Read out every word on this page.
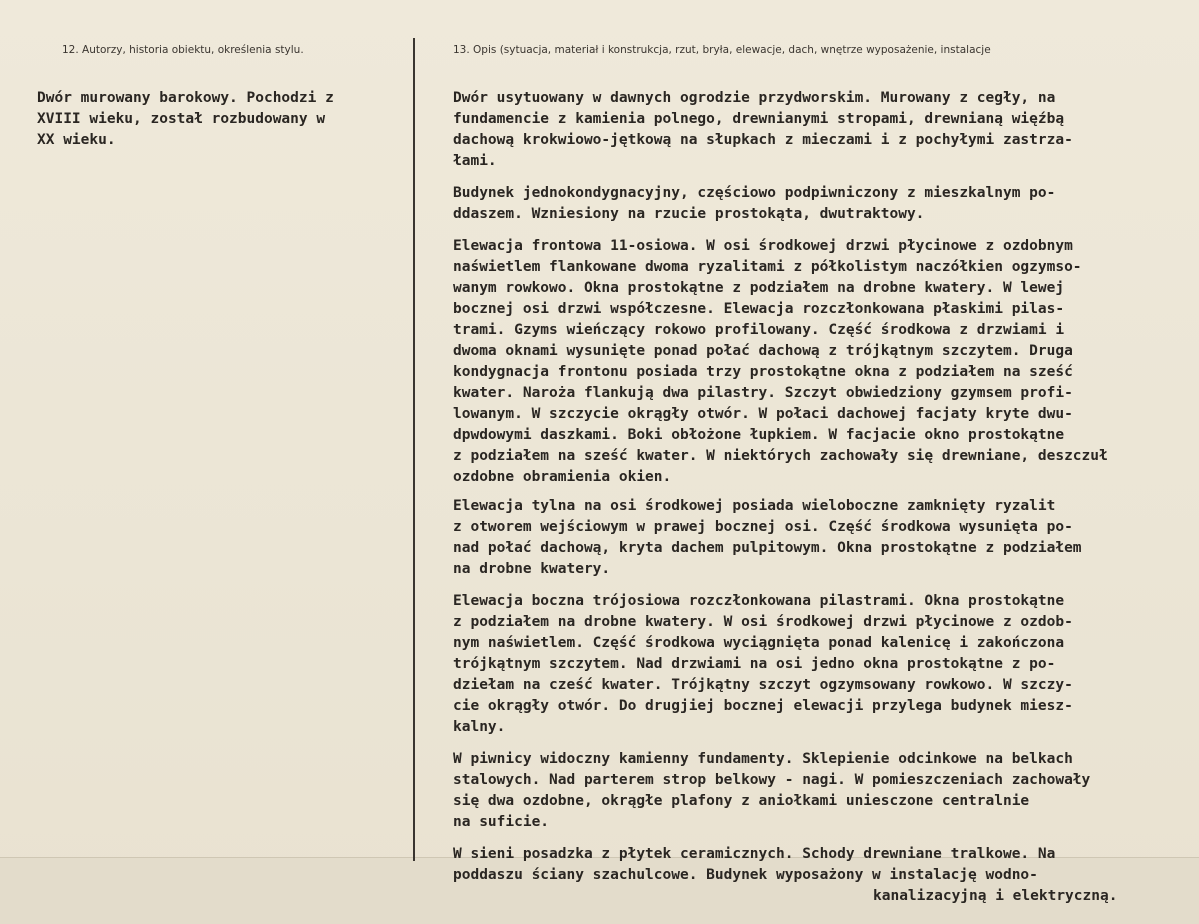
12. Autorzy, historia obiektu, określenia stylu.	13. Opis (sytuacja, materiał i konstrukcja, rzut, bryła, elewacje, dach, wnętrze wyposażenie, instalacje
Dwór murowany barokowy. Pochodzi z
XVIII wieku, został rozbudowany w
XX wieku.
Dwór usytuowany w dawnych ogrodzie przydworskim. Murowany z cegły, na
fundamencie z kamienia polnego, drewnianymi stropami, drewnianą więźbą
dachową krokwiowo-jętkową na słupkach z mieczami i z pochyłymi zastrza-
łami.
Budynek jednokondygnacyjny, częściowo podpiwniczony z mieszkalnym po-
ddaszem. Wzniesiony na rzucie prostokąta, dwutraktowy.
Elewacja frontowa 11-osiowa. W osi środkowej drzwi płycinowe z ozdobnym
naświetlem flankowane dwoma ryzalitami z półkolistym naczółkien ogzymso-
wanym rowkowo. Okna prostokątne z podziałem na drobne kwatery. W lewej
bocznej osi drzwi współczesne. Elewacja rozczłonkowana płaskimi pilas-
trami. Gzyms wieńczący rokowo profilowany. Część środkowa z drzwiami i
dwoma oknami wysunięte ponad połać dachową z trójkątnym szczytem. Druga
kondygnacja frontonu posiada trzy prostokątne okna z podziałem na sześć
kwater. Naroża flankują dwa pilastry. Szczyt obwiedziony gzymsem profi-
lowanym. W szczycie okrągły otwór. W połaci dachowej facjaty kryte dwu-
dpwdowymi daszkami. Boki obłożone łupkiem. W facjacie okno prostokątne
z podziałem na sześć kwater. W niektórych zachowały się drewniane, deszczuł
ozdobne obramienia okien.
Elewacja tylna na osi środkowej posiada wieloboczne zamknięty ryzalit
z otworem wejściowym w prawej bocznej osi. Część środkowa wysunięta po-
nad połać dachową, kryta dachem pulpitowym. Okna prostokątne z podziałem
na drobne kwatery.
Elewacja boczna trójosiowa rozczłonkowana pilastrami. Okna prostokątne
z podziałem na drobne kwatery. W osi środkowej drzwi płycinowe z ozdob-
nym naświetlem. Część środkowa wyciągnięta ponad kalenicę i zakończona
trójkątnym szczytem. Nad drzwiami na osi jedno okna prostokątne z po-
dziełam na cześć kwater. Trójkątny szczyt ogzymsowany rowkowo. W szczy-
cie okrągły otwór. Do drugjiej bocznej elewacji przylega budynek miesz-
kalny.
W piwnicy widoczny kamienny fundamenty. Sklepienie odcinkowe na belkach
stalowych. Nad parterem strop belkowy - nagi. W pomieszczeniach zachowały
się dwa ozdobne, okrągłe plafony z aniołkami uniesczone centralnie
na suficie.
W sieni posadzka z płytek ceramicznych. Schody drewniane tralkowe. Na
poddaszu ściany szachulcowe. Budynek wyposażony w instalację wodno-
kanalizacyjną i elektryczną.
